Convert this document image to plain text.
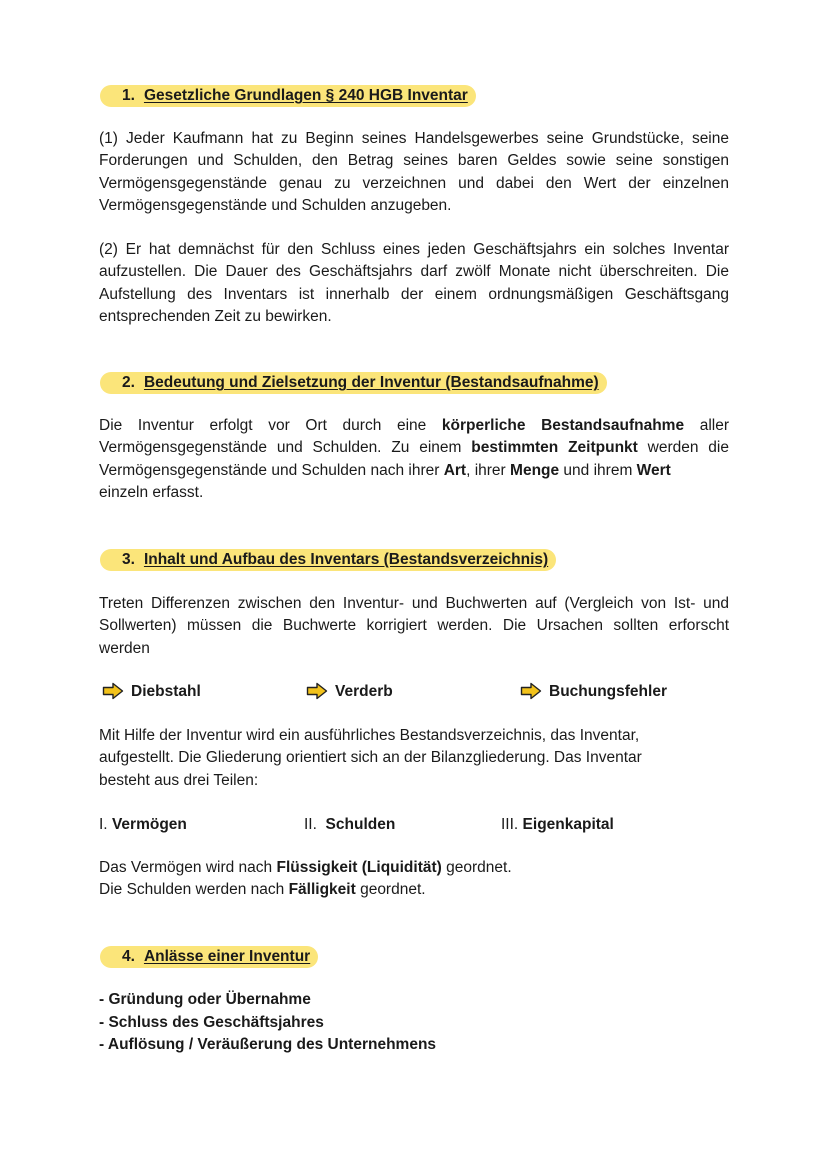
1. Gesetzliche Grundlagen § 240 HGB Inventar
(1) Jeder Kaufmann hat zu Beginn seines Handelsgewerbes seine Grundstücke, seine
Forderungen und Schulden, den Betrag seines baren Geldes sowie seine sonstigen
Vermögensgegenstände genau zu verzeichnen und dabei den Wert der einzelnen
Vermögensgegenstände und Schulden anzugeben.
(2) Er hat demnächst für den Schluss eines jeden Geschäftsjahrs ein solches Inventar
aufzustellen. Die Dauer des Geschäftsjahrs darf zwölf Monate nicht überschreiten. Die
Aufstellung des Inventars ist innerhalb der einem ordnungsmäßigen Geschäftsgang
entsprechenden Zeit zu bewirken.
2. Bedeutung und Zielsetzung der Inventur (Bestandsaufnahme)
Die Inventur erfolgt vor Ort durch eine körperliche Bestandsaufnahme aller
Vermögensgegenstände und Schulden. Zu einem bestimmten Zeitpunkt werden die
Vermögensgegenstände und Schulden nach ihrer Art, ihrer Menge und ihrem Wert
einzeln erfasst.
3. Inhalt und Aufbau des Inventars (Bestandsverzeichnis)
Treten Differenzen zwischen den Inventur- und Buchwerten auf (Vergleich von Ist- und
Sollwerten) müssen die Buchwerte korrigiert werden. Die Ursachen sollten erforscht
werden
Diebstahl	Verderb	Buchungsfehler
Mit Hilfe der Inventur wird ein ausführliches Bestandsverzeichnis, das Inventar,
aufgestellt. Die Gliederung orientiert sich an der Bilanzgliederung. Das Inventar
besteht aus drei Teilen:
I. Vermögen	II. Schulden	III. Eigenkapital
Das Vermögen wird nach Flüssigkeit (Liquidität) geordnet.
Die Schulden werden nach Fälligkeit geordnet.
4. Anlässe einer Inventur
- Gründung oder Übernahme
- Schluss des Geschäftsjahres
- Auflösung / Veräußerung des Unternehmens
